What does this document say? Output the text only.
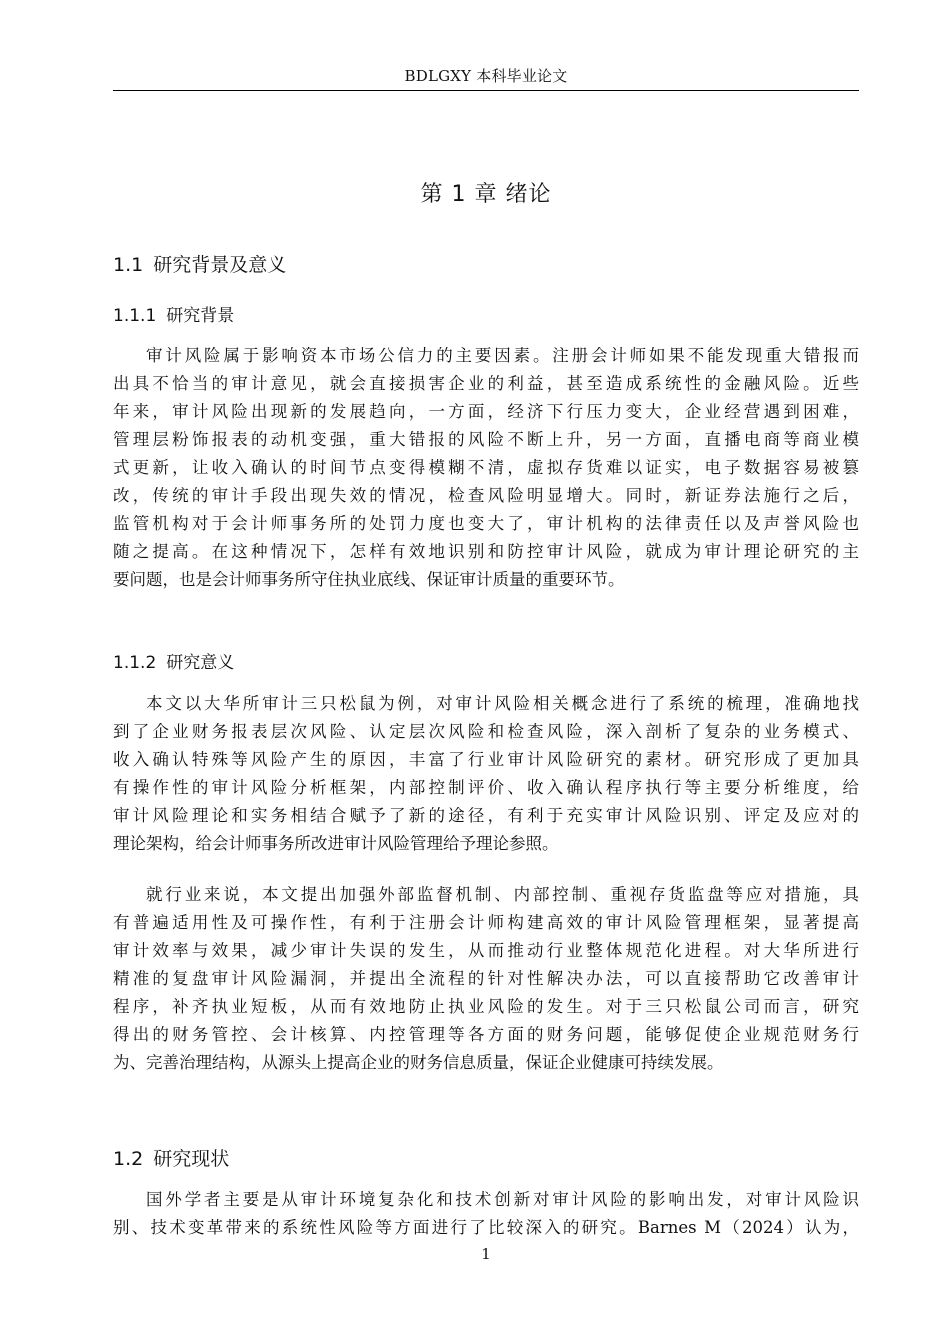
BDLGXY 本科毕业论文
第 1 章 绪论
1.1 研究背景及意义
1.1.1 研究背景
审计风险属于影响资本市场公信力的主要因素。注册会计师如果不能发现重大错报而
出具不恰当的审计意见，就会直接损害企业的利益，甚至造成系统性的金融风险。近些
年来，审计风险出现新的发展趋向，一方面，经济下行压力变大，企业经营遇到困难，
管理层粉饰报表的动机变强，重大错报的风险不断上升，另一方面，直播电商等商业模
式更新，让收入确认的时间节点变得模糊不清，虚拟存货难以证实，电子数据容易被篡
改，传统的审计手段出现失效的情况，检查风险明显增大。同时，新证券法施行之后，
监管机构对于会计师事务所的处罚力度也变大了，审计机构的法律责任以及声誉风险也
随之提高。在这种情况下，怎样有效地识别和防控审计风险，就成为审计理论研究的主
要问题，也是会计师事务所守住执业底线、保证审计质量的重要环节。
1.1.2 研究意义
本文以大华所审计三只松鼠为例，对审计风险相关概念进行了系统的梳理，准确地找
到了企业财务报表层次风险、认定层次风险和检查风险，深入剖析了复杂的业务模式、
收入确认特殊等风险产生的原因，丰富了行业审计风险研究的素材。研究形成了更加具
有操作性的审计风险分析框架，内部控制评价、收入确认程序执行等主要分析维度，给
审计风险理论和实务相结合赋予了新的途径，有利于充实审计风险识别、评定及应对的
理论架构，给会计师事务所改进审计风险管理给予理论参照。
就行业来说，本文提出加强外部监督机制、内部控制、重视存货监盘等应对措施，具
有普遍适用性及可操作性，有利于注册会计师构建高效的审计风险管理框架，显著提高
审计效率与效果，减少审计失误的发生，从而推动行业整体规范化进程。对大华所进行
精准的复盘审计风险漏洞，并提出全流程的针对性解决办法，可以直接帮助它改善审计
程序，补齐执业短板，从而有效地防止执业风险的发生。对于三只松鼠公司而言，研究
得出的财务管控、会计核算、内控管理等各方面的财务问题，能够促使企业规范财务行
为、完善治理结构，从源头上提高企业的财务信息质量，保证企业健康可持续发展。
1.2 研究现状
国外学者主要是从审计环境复杂化和技术创新对审计风险的影响出发，对审计风险识
别、技术变革带来的系统性风险等方面进行了比较深入的研究。Barnes M（2024）认为，
1
